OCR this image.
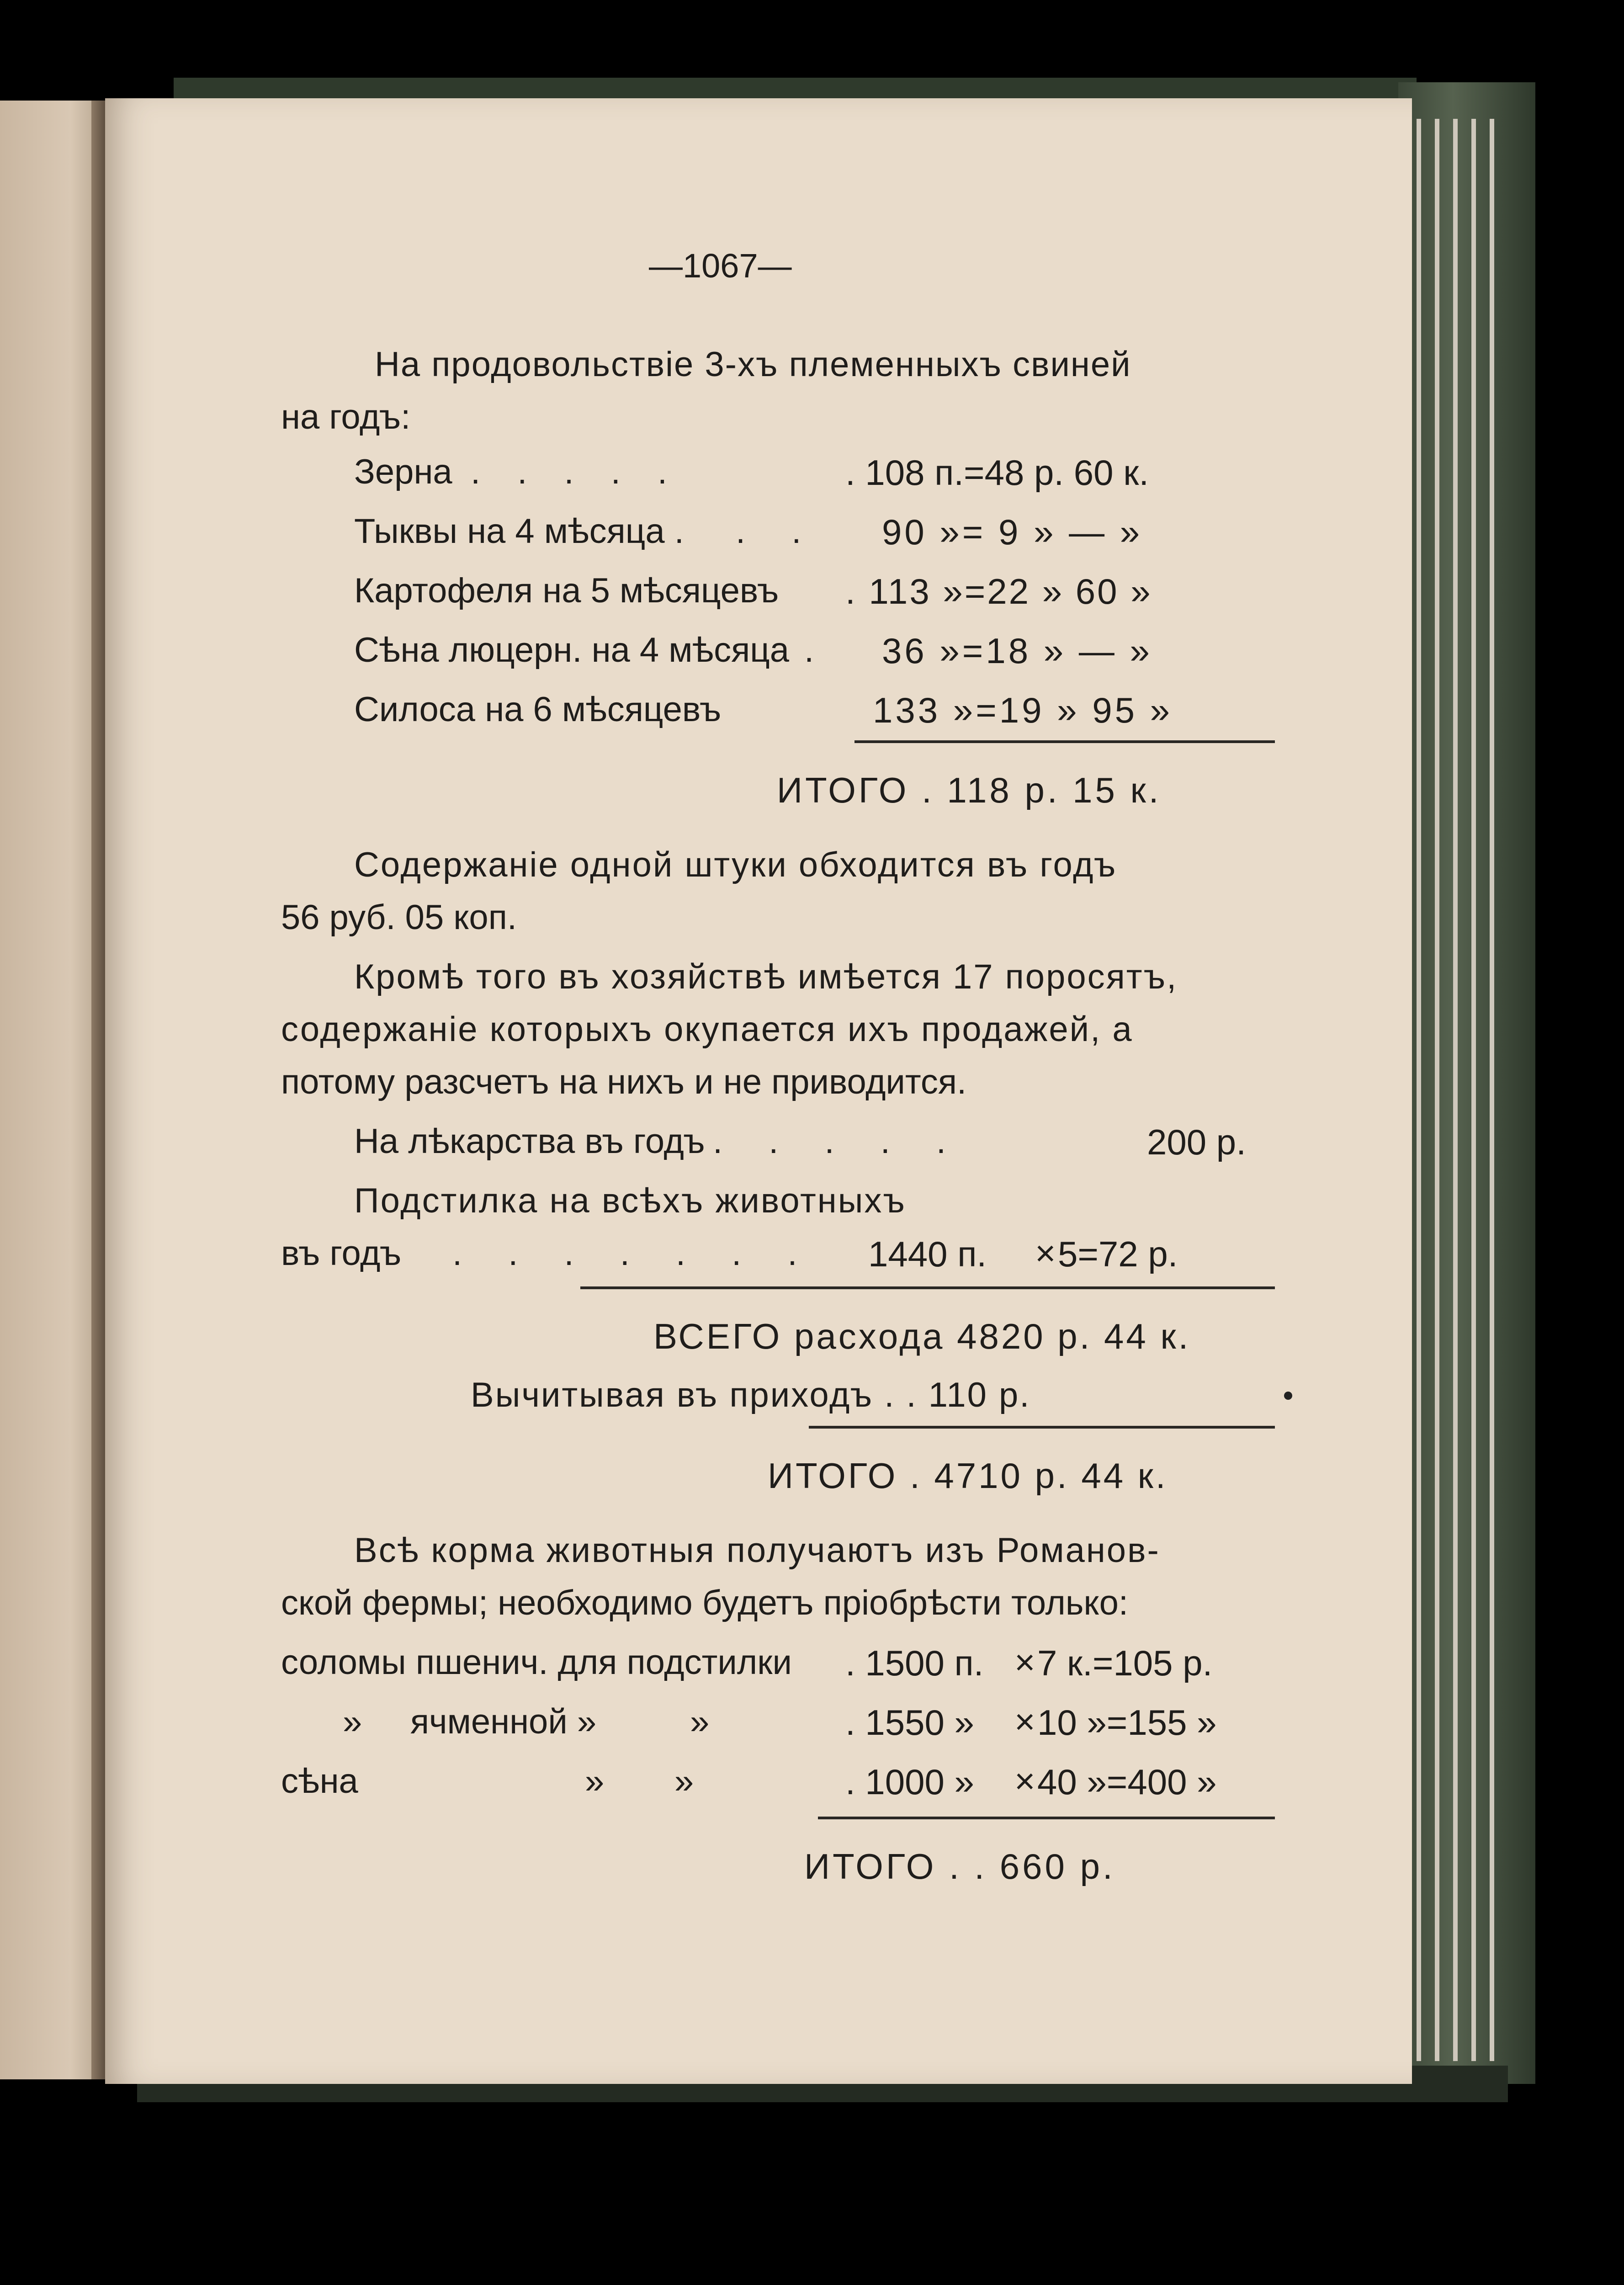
—1067—
На продовольствіе 3-хъ племенныхъ свиней
на годъ:
Зерна . . . . .	. 108 п.=48 р. 60 к.
Тыквы на 4 мѣсяца . . . 90 »= 9 » — »
Картофеля на 5 мѣсяцевъ . 113 »=22 » 60 »
Сѣна люцерн. на 4 мѣсяца . 36 »=18 » — »
Силоса на 6 мѣсяцевъ	133 »=19 » 95 »
ИТОГО . 118 р. 15 к.
Содержаніе одной штуки обходится въ годъ
56 руб. 05 коп.
Кромѣ того въ хозяйствѣ имѣется 17 поросятъ,
содержаніе которыхъ окупается ихъ продажей, а
потому разсчетъ на нихъ и не приводится.
На лѣкарства въ годъ . . . . .	200 р.
Подстилка на всѣхъ животныхъ
въ годъ . . . . . . . 1440 п. × 5=72 р.
ВСЕГО расхода 4820 р. 44 к.
Вычитывая въ приходъ . . 110 р.
ИТОГО . 4710 р. 44 к.
Всѣ корма животныя получаютъ изъ Романов-
ской фермы; необходимо будетъ пріобрѣсти только:
соломы пшенич. для подстилки . 1500 п. × 7 к.=105 р.
»     ячменной »	»	. 1550 » × 10 »=155 »
сѣна	»     »	. 1000 » × 40 »=400 »
ИТОГО . . 660 р.
